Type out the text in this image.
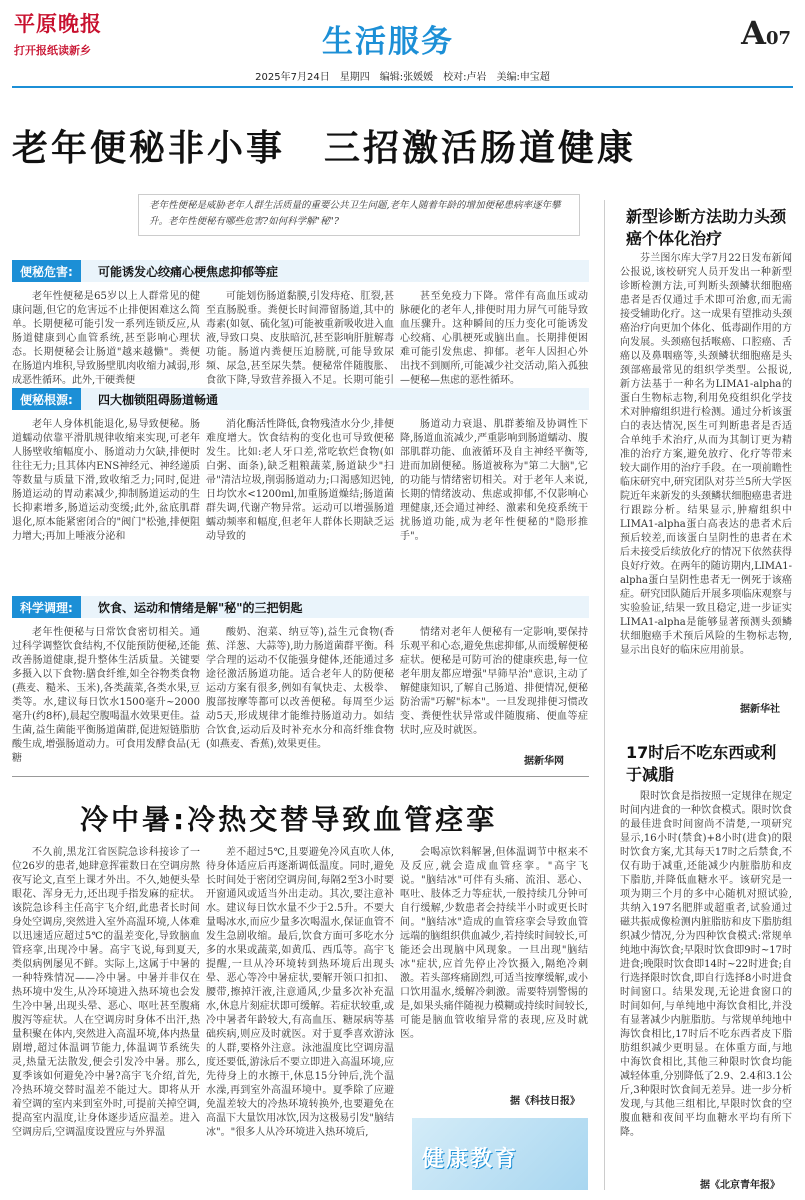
平原晚报
打开报纸读新乡	生活服务	A07
2025年7月24日　星期四　编辑:张媛媛　校对:卢岩　美编:申宝超
老年便秘非小事　三招激活肠道健康
老年性便秘是威胁老年人群生活质量的重要公共卫生问题,老年人随着年龄的增加便秘患病率逐年攀升。老年性便秘有哪些危害?如何科学解"秘"?
便秘危害:	可能诱发心绞痛心梗焦虑抑郁等症
老年性便秘是65岁以上人群常见的健康问题,但它的危害远不止排便困难这么简单。长期便秘可能引发一系列连锁反应,从肠道健康到心血管系统,甚至影响心理状态。长期便秘会让肠道"越来越懒"。粪便在肠道内堆积,导致肠壁肌肉收缩力减弱,形成恶性循环。此外,干硬粪便
可能划伤肠道黏膜,引发痔疮、肛裂,甚至直肠脱垂。粪便长时间滞留肠道,其中的毒素(如氨、硫化氢)可能被重新吸收进入血液,导致口臭、皮肤暗沉,甚至影响肝脏解毒功能。肠道内粪便压迫膀胱,可能导致尿频、尿急,甚至尿失禁。便秘常伴随腹胀、食欲下降,导致营养摄入不足。长期可能引
甚至免疫力下降。常伴有高血压或动脉硬化的老年人,排便时用力屏气可能导致血压骤升。这种瞬间的压力变化可能诱发心绞痛、心肌梗死或脑出血。长期排便困难可能引发焦虑、抑郁。老年人因担心外出找不到厕所,可能减少社交活动,陷入孤独—便秘—焦虑的恶性循环。
便秘根源:	四大枷锁阻碍肠道畅通
老年人身体机能退化,易导致便秘。肠道蠕动依靠平滑肌规律收缩来实现,可老年人肠壁收缩幅度小、肠道动力欠缺,排便时往往无力;且其体内ENS神经元、神经递质等数量与质量下滑,致收缩乏力;同时,促进肠道运动的胃动素减少,抑制肠道运动的生长抑素增多,肠道运动变缓;此外,盆底肌群退化,原本能紧密闭合的"阀门"松弛,排便阻力增大;再加上唾液分泌和
消化酶活性降低,食物残渣水分少,排便难度增大。饮食结构的变化也可导致便秘发生。比如:老人牙口差,常吃软烂食物(如白粥、面条),缺乏粗粮蔬菜,肠道缺少"扫帚"清洁垃圾,削弱肠道动力;口渴感知迟钝,日均饮水<1200ml,加重肠道燥结;肠道菌群失调,代谢产物异常。运动可以增强肠道蠕动频率和幅度,但老年人群体长期缺乏运动导致的
肠道动力衰退、肌群萎缩及协调性下降,肠道血流减少,严重影响到肠道蠕动、腹部肌群功能、血液循环及自主神经平衡等,进而加剧便秘。肠道被称为"第二大脑",它的功能与情绪密切相关。对于老年人来说,长期的情绪波动、焦虑或抑郁,不仅影响心理健康,还会通过神经、激素和免疫系统干扰肠道功能,成为老年性便秘的"隐形推手"。
科学调理:	饮食、运动和情绪是解"秘"的三把钥匙
老年性便秘与日常饮食密切相关。通过科学调整饮食结构,不仅能预防便秘,还能改善肠道健康,提升整体生活质量。关键要多摄入以下食物:膳食纤维,如全谷物类食物(燕麦、糙米、玉米),各类蔬菜,各类水果,豆类等。水,建议每日饮水1500毫升~2000毫升(约8杯),晨起空腹喝温水效果更佳。益生菌,益生菌能平衡肠道菌群,促进短链脂肪酸生成,增强肠道动力。可食用发酵食品(无糖
酸奶、泡菜、纳豆等),益生元食物(香蕉、洋葱、大蒜等),助力肠道菌群平衡。科学合理的运动不仅能强身健体,还能通过多途径激活肠道功能。适合老年人的防便秘运动方案有很多,例如有氧快走、太极拳、腹部按摩等都可以改善便秘。每周至少运动5天,形成规律才能维持肠道动力。如结合饮食,运动后及时补充水分和高纤维食物(如燕麦、香蕉),效果更佳。
情绪对老年人便秘有一定影响,要保持乐观平和心态,避免焦虑抑郁,从而缓解便秘症状。便秘是可防可治的健康疾患,每一位老年朋友都应增强"早筛早治"意识,主动了解健康知识,了解自己肠道、排便情况,便秘防治需"巧解"标本"。一旦发现排便习惯改变、粪便性状异常或伴随腹痛、便血等症状时,应及时就医。
据新华网
新型诊断方法助力头颈癌个体化治疗
芬兰图尔库大学7月22日发布新闻公报说,该校研究人员开发出一种新型诊断检测方法,可判断头颈鳞状细胞癌患者是否仅通过手术即可治愈,而无需接受辅助化疗。这一成果有望推动头颈癌治疗向更加个体化、低毒副作用的方向发展。头颈癌包括喉癌、口腔癌、舌癌以及鼻咽癌等,头颈鳞状细胞癌是头颈部癌最常见的组织学类型。公报说,新方法基于一种名为LIMA1-alpha的蛋白生物标志物,利用免疫组织化学技术对肿瘤组织进行检测。通过分析该蛋白的表达情况,医生可判断患者是否适合单纯手术治疗,从而为其制订更为精准的治疗方案,避免放疗、化疗等带来较大副作用的治疗手段。在一项前瞻性临床研究中,研究团队对芬兰5所大学医院近年来新发的头颈鳞状细胞癌患者进行跟踪分析。结果显示,肿瘤组织中LIMA1-alpha蛋白高表达的患者术后预后较差,而该蛋白呈阴性的患者在术后未接受后续放化疗的情况下依然获得良好疗效。在两年的随访期内,LIMA1-alpha蛋白呈阴性患者无一例死于该癌症。研究団队随后开展多项临床观察与实验验证,结果一致且稳定,进一步证实LIMA1-alpha是能够显著预测头颈鳞状细胞癌手术预后风险的生物标志物,显示出良好的临床应用前景。
据新华社
17时后不吃东西或利于减脂
限时饮食是指按照一定规律在规定时间内进食的一种饮食模式。限时饮食的最佳进食时间窗尚不清楚,一项研究显示,16小时(禁食)+8小时(进食)的限时饮食方案,尤其每天17时之后禁食,不仅有助于减重,还能减少内脏脂肪和皮下脂肪,并降低血糖水平。该研究是一项为期三个月的多中心随机对照试验,共纳入197名肥胖或超重者,试验通过磁共振成像检测内脏脂肪和皮下脂肪组织减少情况,分为四种饮食模式:常规单纯地中海饮食;早限时饮食即9时~17时进食;晚限时饮食即14时~22时进食;自行选择限时饮食,即自行选择8小时进食时间窗口。结果发现,无论进食窗口的时间如何,与单纯地中海饮食相比,并没有显著减少内脏脂肪。与常规单纯地中海饮食相比,17时后不吃东西者皮下脂肪组织减少更明显。在体重方面,与地中海饮食相比,其他三种限时饮食均能减轻体重,分别降低了2.9、2.4和3.1公斤,3种限时饮食间无差异。进一步分析发现,与其他三组相比,早限时饮食的空腹血糖和夜间平均血糖水平均有所下降。
据《北京青年报》
冷中暑:冷热交替导致血管痉挛
不久前,黑龙江省医院急诊科接诊了一位26岁的患者,她肆意挥霍数日在空调房熬夜写论文,直至上课才外出。不久,她便头晕眼花、浑身无力,还出现手指发麻的症状。该院急诊科主任高宇飞介绍,此患者长时间身处空调房,突然进入室外高温环境,人体难以迅速适应超过5℃的温差变化,导致脑血管痉挛,出现冷中暑。高宇飞说,每到夏天,类似病例屡见不鲜。实际上,这属于中暑的一种特殊情况——冷中暑。中暑并非仅在热环境中发生,从冷环境进入热环境也会发生冷中暑,出现头晕、恶心、呕吐甚至腹痛腹泻等症状。人在空调房时身体不出汗,热量积聚在体内,突然进入高温环境,体内热量剧增,超过体温调节能力,体温调节系统失灵,热量无法散发,便会引发冷中暑。那么,夏季该如何避免冷中暑?高宇飞介绍,首先,冷热环境交替时温差不能过大。即将从开着空调的室内来到室外时,可提前关掉空调,提高室内温度,让身体逐步适应温差。进入空调房后,空调温度设置应与外界温
差不超过5℃,且要避免冷风直吹人体,待身体适应后再逐渐调低温度。同时,避免长时间处于密闭空调房间,每隔2至3小时要开窗通风或适当外出走动。其次,要注意补水。建议每日饮水量不少于2.5升。不要大量喝冰水,而应少量多次喝温水,保证血管不发生急剧收缩。最后,饮食方面可多吃水分多的水果或蔬菜,如黄瓜、西瓜等。高宇飞提醒,一旦从冷环境转到热环境后出现头晕、恶心等冷中暑症状,要解开领口扣扣、腰带,擦掉汗液,注意通风,少量多次补充温水,休息片刻症状即可缓解。若症状较重,或冷中暑者年龄较大,有高血压、糖尿病等基础疾病,则应及时就医。对于夏季喜欢游泳的人群,要格外注意。泳池温度比空调房温度还要低,游泳后不要立即进入高温环境,应先待身上的水擦干,休息15分钟后,洗个温水澡,再到室外高温环境中。夏季除了应避免温差较大的冷热环境转换外,也要避免在高温下大量饮用冰饮,因为这极易引发"脑结冰"。"很多人从冷环境进入热环境后,
会喝凉饮料解暑,但体温调节中枢来不及反应,就会造成血管痉挛。"高宇飞说。"脑结冰"可伴有头痛、流泪、恶心、呕吐、肢体乏力等症状,一般持续几分钟可自行缓解,少数患者会持续半小时或更长时间。"脑结冰"造成的血管痉挛会导致血管远端的脑组织供血减少,若持续时间较长,可能还会出现脑中风现象。一旦出现"脑结冰"症状,应首先停止冷饮摄入,隔绝冷刺激。若头部疼痛剧烈,可适当按摩缓解,或小口饮用温水,缓解冷刺激。需要特别警惕的是,如果头痛伴随视力模糊或持续时间较长,可能是脑血管收缩异常的表现,应及时就医。
据《科技日报》
健康教育
